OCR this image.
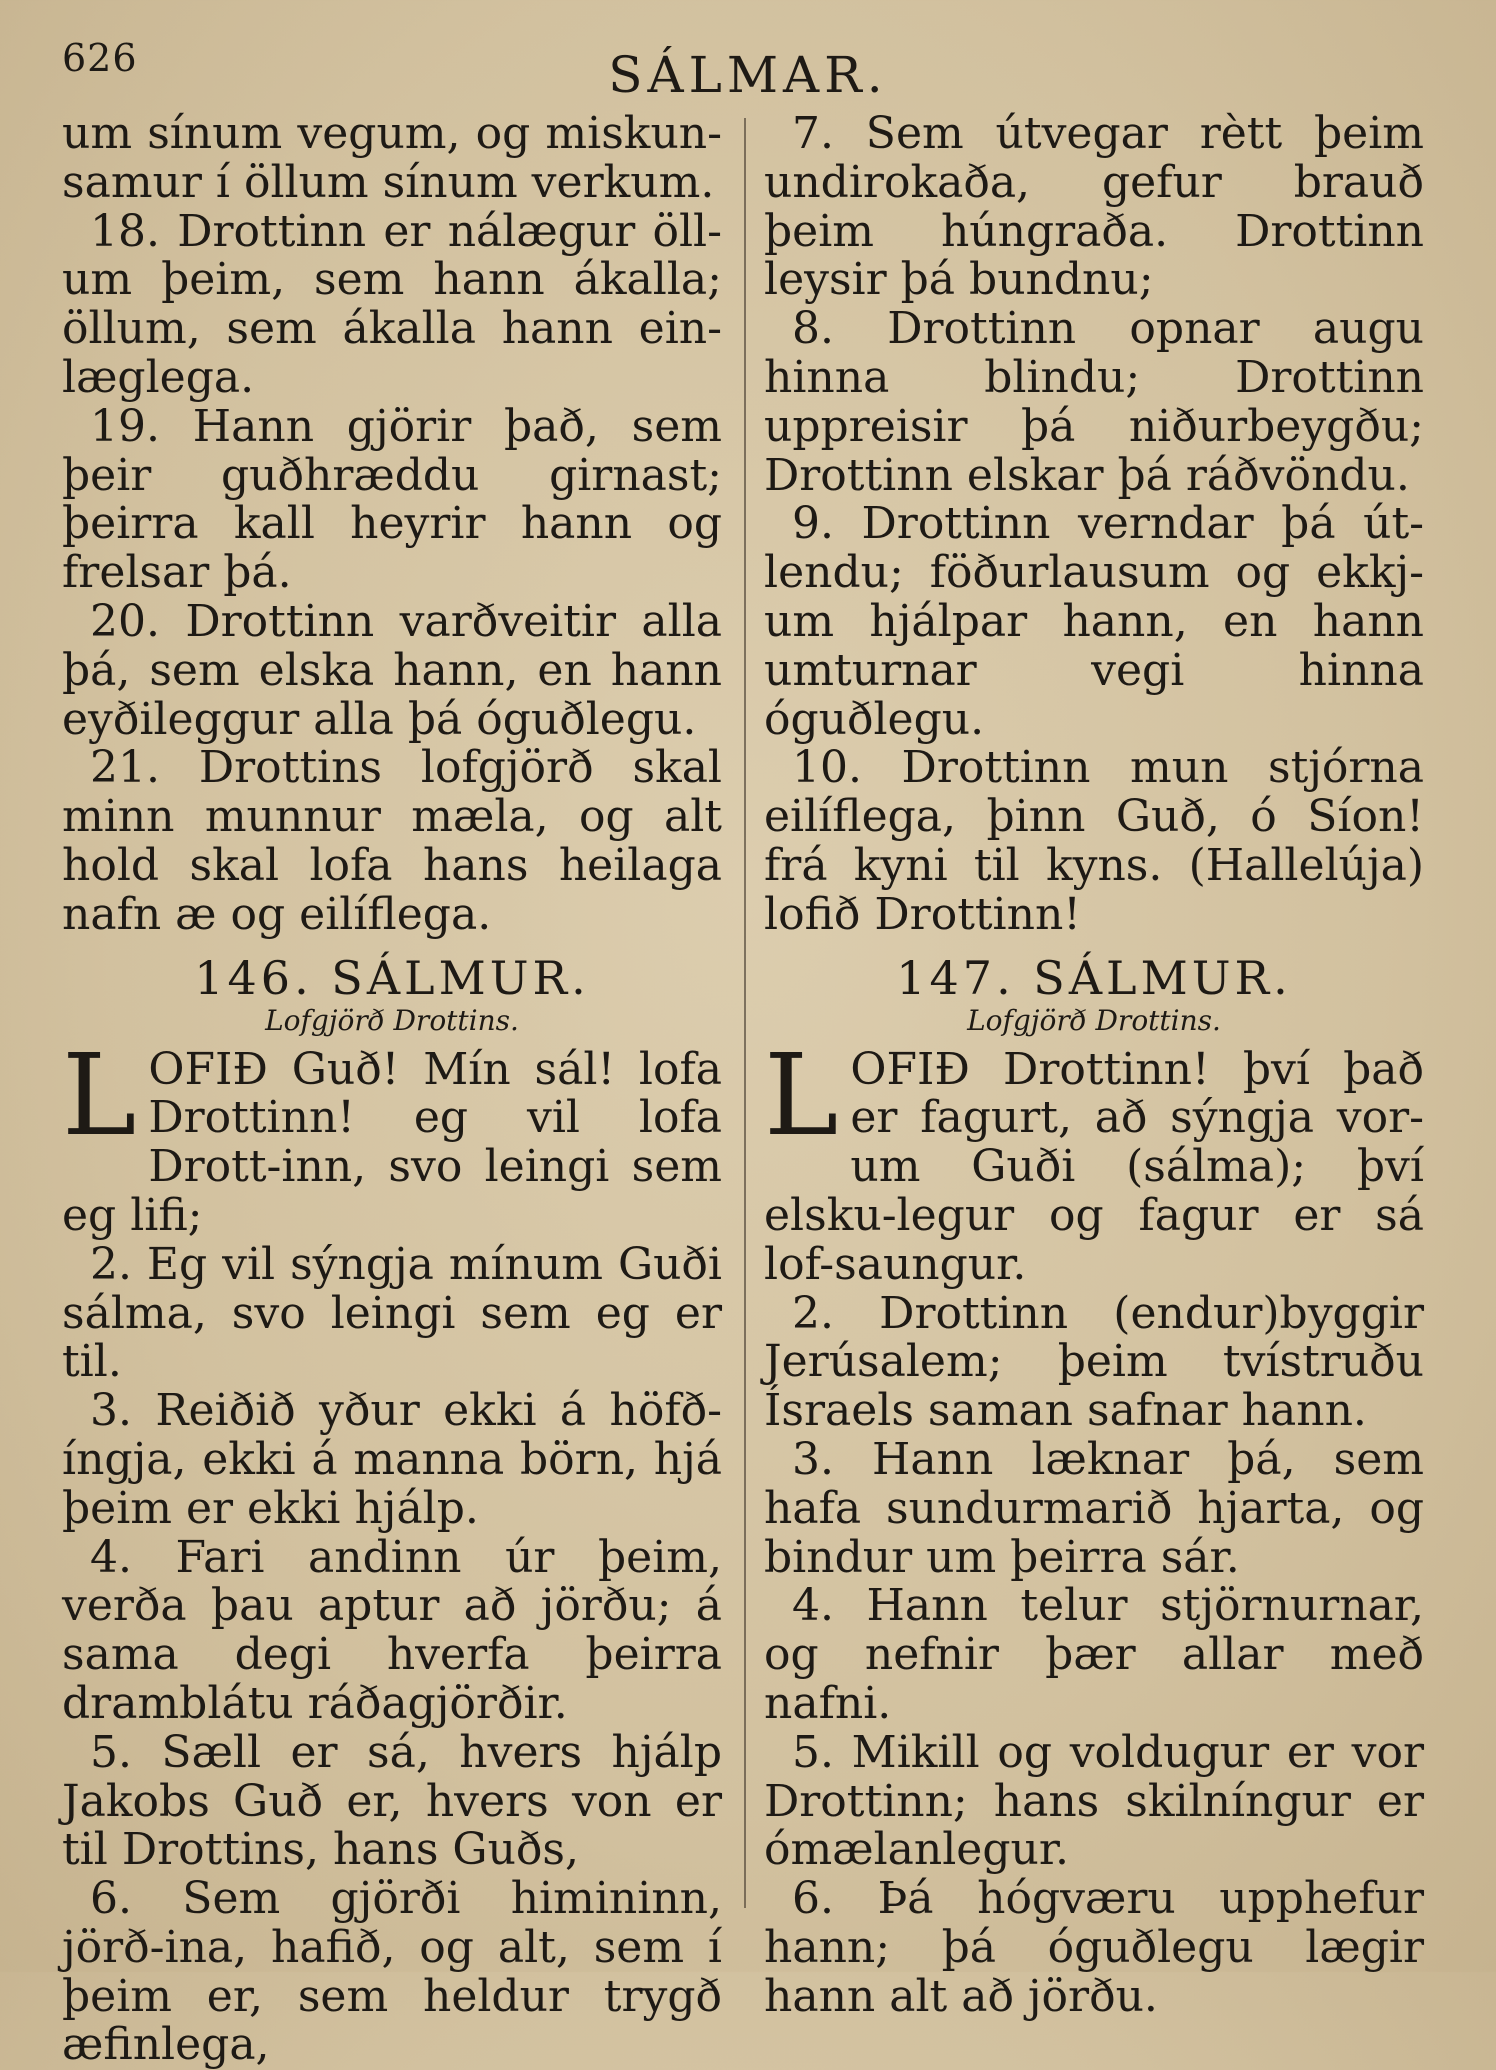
626	SÁLMAR.

um sínum vegum, og miskun-samur í öllum sínum verkum.

18. Drottinn er nálægur öll-um þeim, sem hann ákalla; öllum, sem ákalla hann ein-læglega.

19. Hann gjörir það, sem þeir guðhræddu girnast; þeirra kall heyrir hann og frelsar þá.

20. Drottinn varðveitir alla þá, sem elska hann, en hann eyðileggur alla þá óguðlegu.

21. Drottins lofgjörð skal minn munnur mæla, og alt hold skal lofa hans heilaga nafn æ og eilíflega.

146. SÁLMUR.
Lofgjörð Drottins.

LOFIÐ Guð! Mín sál! lofa Drottinn! eg vil lofa Drott-inn, svo leingi sem eg lifi;

2. Eg vil sýngja mínum Guði sálma, svo leingi sem eg er til.

3. Reiðið yður ekki á höfð-íngja, ekki á manna börn, hjá þeim er ekki hjálp.

4. Fari andinn úr þeim, verða þau aptur að jörðu; á sama degi hverfa þeirra dramblátu ráðagjörðir.

5. Sæll er sá, hvers hjálp Jakobs Guð er, hvers von er til Drottins, hans Guðs,

6. Sem gjörði himininn, jörð-ina, hafið, og alt, sem í þeim er, sem heldur trygð æfinlega,

7. Sem útvegar rètt þeim undirokaða, gefur brauð þeim húngraða. Drottinn leysir þá bundnu;

8. Drottinn opnar augu hinna blindu; Drottinn uppreisir þá niðurbeygðu; Drottinn elskar þá ráðvöndu.

9. Drottinn verndar þá út-lendu; föðurlausum og ekkj-um hjálpar hann, en hann umturnar vegi hinna óguðlegu.

10. Drottinn mun stjórna eilíflega, þinn Guð, ó Síon! frá kyni til kyns. (Hallelúja) lofið Drottinn!

147. SÁLMUR.
Lofgjörð Drottins.

LOFIÐ Drottinn! því það er fagurt, að sýngja vor-um Guði (sálma); því elsku-legur og fagur er sá lof-saungur.

2. Drottinn (endur)byggir Jerúsalem; þeim tvístruðu Ísraels saman safnar hann.

3. Hann læknar þá, sem hafa sundurmarið hjarta, og bindur um þeirra sár.

4. Hann telur stjörnurnar, og nefnir þær allar með nafni.

5. Mikill og voldugur er vor Drottinn; hans skilníngur er ómælanlegur.

6. Þá hógværu upphefur hann; þá óguðlegu lægir hann alt að jörðu.
